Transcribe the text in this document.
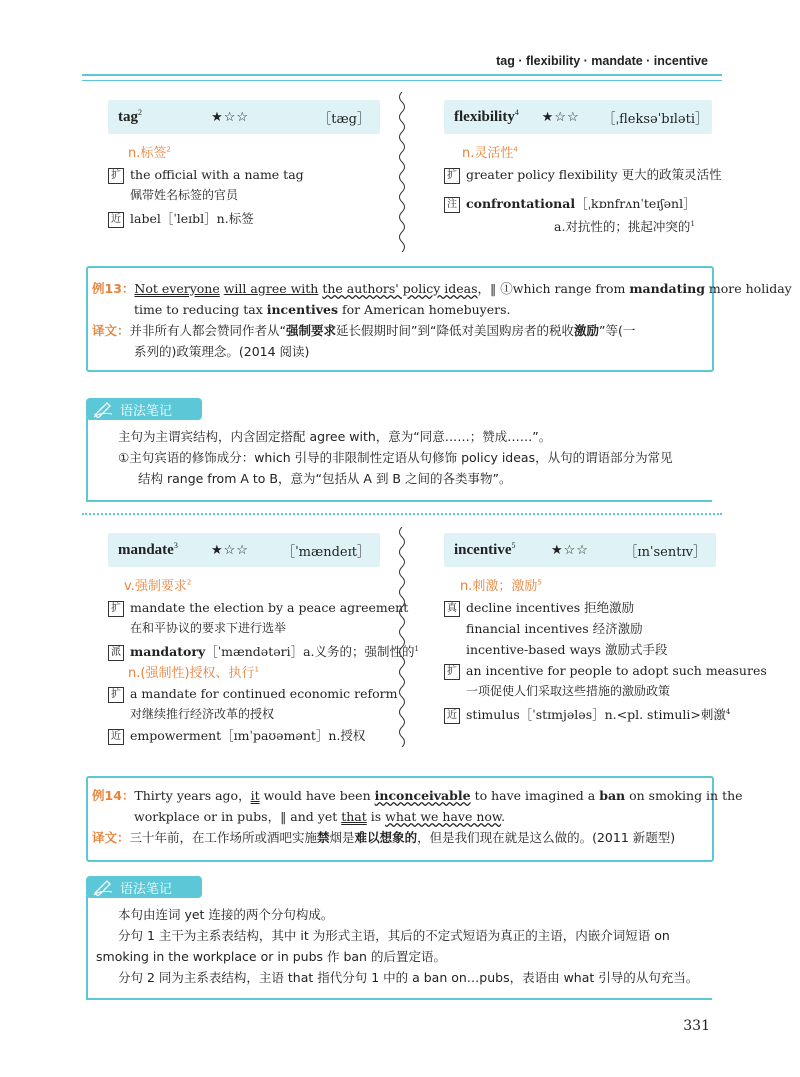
tag · flexibility · mandate · incentive
tag$^2$	★☆☆	［tæg］
n.标签$^2$
扩 the official with a name tag
佩带姓名标签的官员
近 label［ˈleɪbl］n.标签
flexibility$^4$ ★☆☆ ［ˌfleksəˈbɪləti］
n.灵活性$^4$
扩 greater policy flexibility 更大的政策灵活性
注 confrontational［ˌkɒnfrʌnˈteɪʃənl］
a.对抗性的；挑起冲突的$^1$
例13：Not everyone will agree with the authors' policy ideas，‖ ①which range from mandating more holiday
time to reducing tax incentives for American homebuyers.
译文：并非所有人都会赞同作者从“强制要求延长假期时间”到“降低对美国购房者的税收激励”等(一
系列的)政策理念。(2014 阅读)
语法笔记
主句为主谓宾结构，内含固定搭配 agree with，意为“同意……；赞成……”。
①主句宾语的修饰成分：which 引导的非限制性定语从句修饰 policy ideas，从句的谓语部分为常见
结构 range from A to B，意为“包括从 A 到 B 之间的各类事物”。
mandate$^3$	★☆☆	［ˈmændeɪt］
v.强制要求$^2$
扩 mandate the election by a peace agreement
在和平协议的要求下进行选举
派 mandatory［ˈmændətəri］a.义务的；强制性的$^1$
n.(强制性)授权、执行$^1$
扩 a mandate for continued economic reform
对继续推行经济改革的授权
近 empowerment［ɪmˈpaʊəmənt］n.授权
incentive$^5$	★☆☆	［ɪnˈsentɪv］
n.刺激；激励$^5$
真 decline incentives 拒绝激励
financial incentives 经济激励
incentive-based ways 激励式手段
扩 an incentive for people to adopt such measures
一项促使人们采取这些措施的激励政策
近 stimulus［ˈstɪmjələs］n.<pl. stimuli>刺激$^4$
例14：Thirty years ago，it would have been inconceivable to have imagined a ban on smoking in the
workplace or in pubs，‖ and yet that is what we have now.
译文：三十年前，在工作场所或酒吧实施禁烟是难以想象的，但是我们现在就是这么做的。(2011 新题型)
语法笔记
本句由连词 yet 连接的两个分句构成。
分句 1 主干为主系表结构，其中 it 为形式主语，其后的不定式短语为真正的主语，内嵌介词短语 on
smoking in the workplace or in pubs 作 ban 的后置定语。
分句 2 同为主系表结构，主语 that 指代分句 1 中的 a ban on…pubs，表语由 what 引导的从句充当。
331
